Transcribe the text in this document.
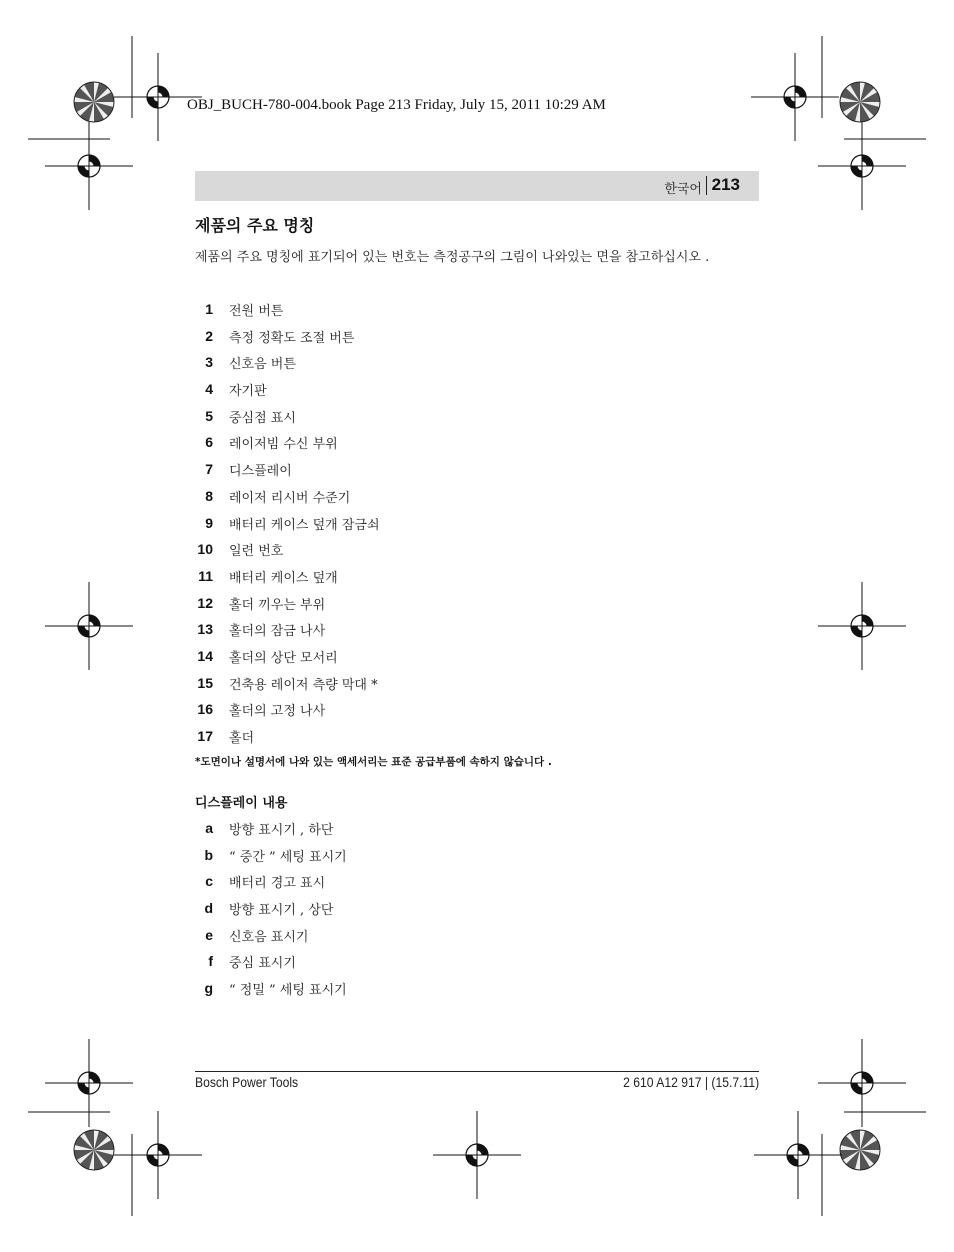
OBJ_BUCH-780-004.book Page 213 Friday, July 15, 2011 10:29 AM
한국어 213
제품의 주요 명칭
제품의 주요 명칭에 표기되어 있는 번호는 측정공구의 그림이 나와있는 면을 참고하십시오 .
1 전원 버튼
2 측정 정확도 조절 버튼
3 신호음 버튼
4 자기판
5 중심점 표시
6 레이저빔 수신 부위
7 디스플레이
8 레이저 리시버 수준기
9 배터리 케이스 덮개 잠금쇠
10 일련 번호
11 배터리 케이스 덮개
12 홀더 끼우는 부위
13 홀더의 잠금 나사
14 홀더의 상단 모서리
15 건축용 레이저 측량 막대 *
16 홀더의 고정 나사
17 홀더
*도면이나 설명서에 나와 있는 액세서리는 표준 공급부품에 속하지 않습니다 .
디스플레이 내용
a 방향 표시기 , 하단
b “ 중간 ” 세팅 표시기
c 배터리 경고 표시
d 방향 표시기 , 상단
e 신호음 표시기
f 중심 표시기
g “ 정밀 ” 세팅 표시기
Bosch Power Tools	2 610 A12 917 | (15.7.11)
